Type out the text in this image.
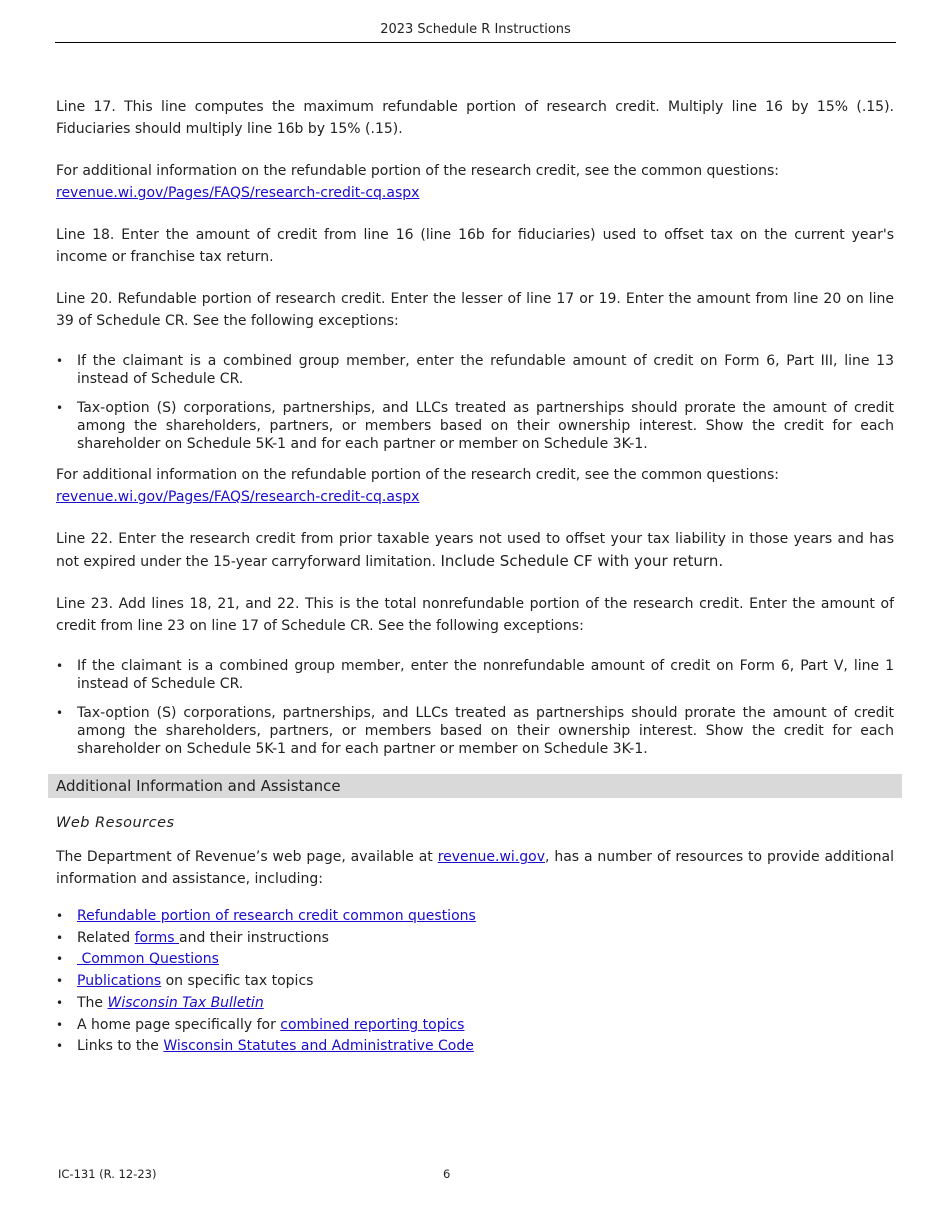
2023 Schedule R Instructions

Line 17. This line computes the maximum refundable portion of research credit. Multiply line 16 by 15% (.15). Fiduciaries should multiply line 16b by 15% (.15).

For additional information on the refundable portion of the research credit, see the common questions:
revenue.wi.gov/Pages/FAQS/research-credit-cq.aspx

Line 18. Enter the amount of credit from line 16 (line 16b for fiduciaries) used to offset tax on the current year's income or franchise tax return.

Line 20. Refundable portion of research credit. Enter the lesser of line 17 or 19. Enter the amount from line 20 on line 39 of Schedule CR. See the following exceptions:

• If the claimant is a combined group member, enter the refundable amount of credit on Form 6, Part III, line 13 instead of Schedule CR.
• Tax-option (S) corporations, partnerships, and LLCs treated as partnerships should prorate the amount of credit among the shareholders, partners, or members based on their ownership interest. Show the credit for each shareholder on Schedule 5K-1 and for each partner or member on Schedule 3K-1.

For additional information on the refundable portion of the research credit, see the common questions:
revenue.wi.gov/Pages/FAQS/research-credit-cq.aspx

Line 22. Enter the research credit from prior taxable years not used to offset your tax liability in those years and has not expired under the 15-year carryforward limitation. Include Schedule CF with your return.

Line 23. Add lines 18, 21, and 22. This is the total nonrefundable portion of the research credit. Enter the amount of credit from line 23 on line 17 of Schedule CR. See the following exceptions:

• If the claimant is a combined group member, enter the nonrefundable amount of credit on Form 6, Part V, line 1 instead of Schedule CR.
• Tax-option (S) corporations, partnerships, and LLCs treated as partnerships should prorate the amount of credit among the shareholders, partners, or members based on their ownership interest. Show the credit for each shareholder on Schedule 5K-1 and for each partner or member on Schedule 3K-1.
Additional Information and Assistance
Web Resources

The Department of Revenue’s web page, available at revenue.wi.gov, has a number of resources to provide additional information and assistance, including:

• Refundable portion of research credit common questions
• Related forms and their instructions
•  Common Questions
• Publications on specific tax topics
• The Wisconsin Tax Bulletin
• A home page specifically for combined reporting topics
• Links to the Wisconsin Statutes and Administrative Code
IC-131 (R. 12-23)	6
